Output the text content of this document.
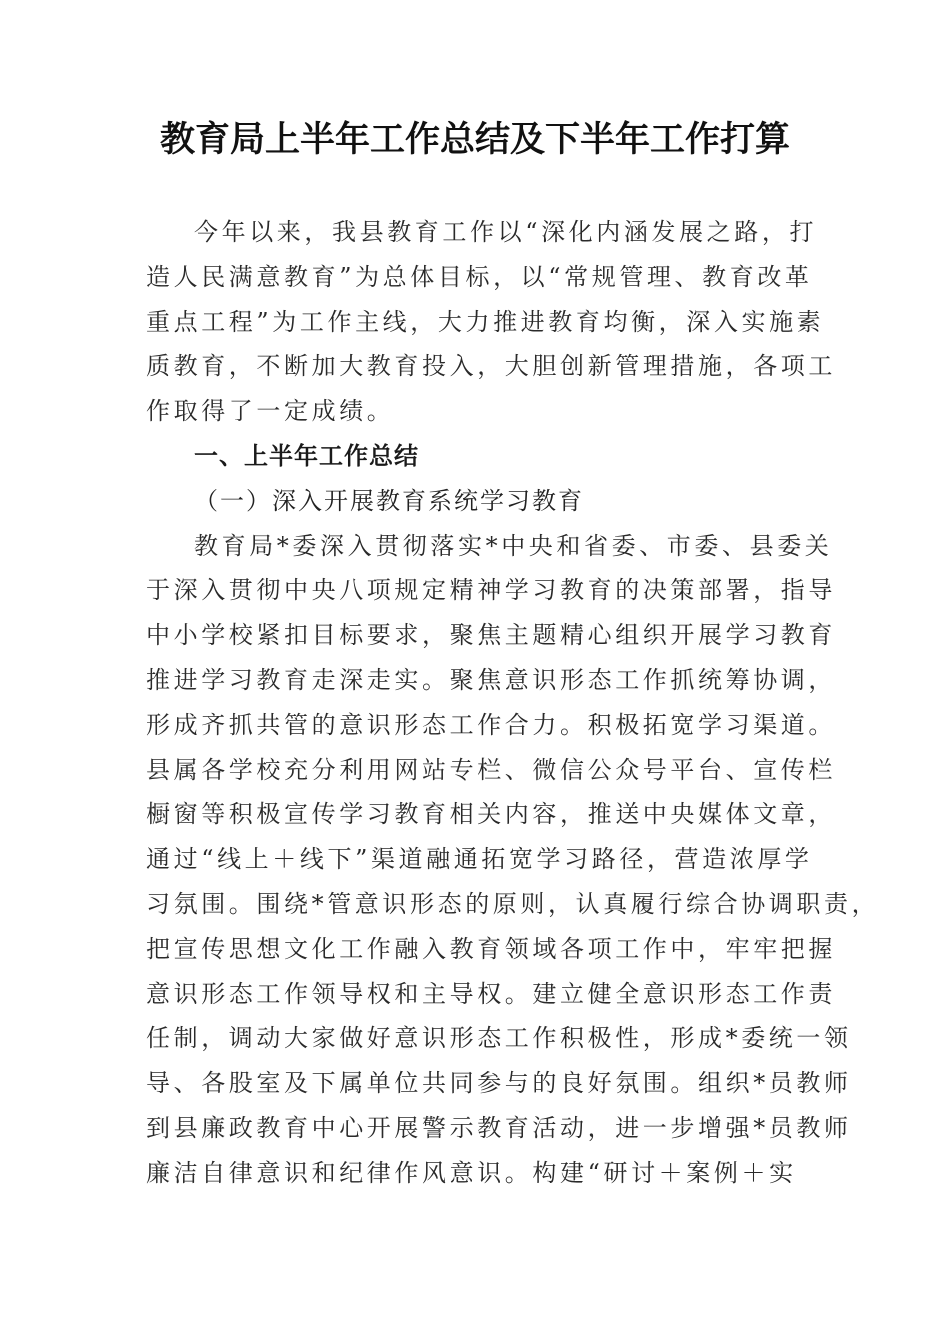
教育局上半年工作总结及下半年工作打算
今年以来，我县教育工作以“深化内涵发展之路，打
造人民满意教育”为总体目标，以“常规管理、教育改革
重点工程”为工作主线，大力推进教育均衡，深入实施素
质教育，不断加大教育投入，大胆创新管理措施，各项工
作取得了一定成绩。
一、上半年工作总结
（一）深入开展教育系统学习教育
教育局*委深入贯彻落实*中央和省委、市委、县委关
于深入贯彻中央八项规定精神学习教育的决策部署，指导
中小学校紧扣目标要求，聚焦主题精心组织开展学习教育
推进学习教育走深走实。聚焦意识形态工作抓统筹协调，
形成齐抓共管的意识形态工作合力。积极拓宽学习渠道。
县属各学校充分利用网站专栏、微信公众号平台、宣传栏
橱窗等积极宣传学习教育相关内容，推送中央媒体文章，
通过“线上＋线下”渠道融通拓宽学习路径，营造浓厚学
习氛围。围绕*管意识形态的原则，认真履行综合协调职责，
把宣传思想文化工作融入教育领域各项工作中，牢牢把握
意识形态工作领导权和主导权。建立健全意识形态工作责
任制，调动大家做好意识形态工作积极性，形成*委统一领
导、各股室及下属单位共同参与的良好氛围。组织*员教师
到县廉政教育中心开展警示教育活动，进一步增强*员教师
廉洁自律意识和纪律作风意识。构建“研讨＋案例＋实
